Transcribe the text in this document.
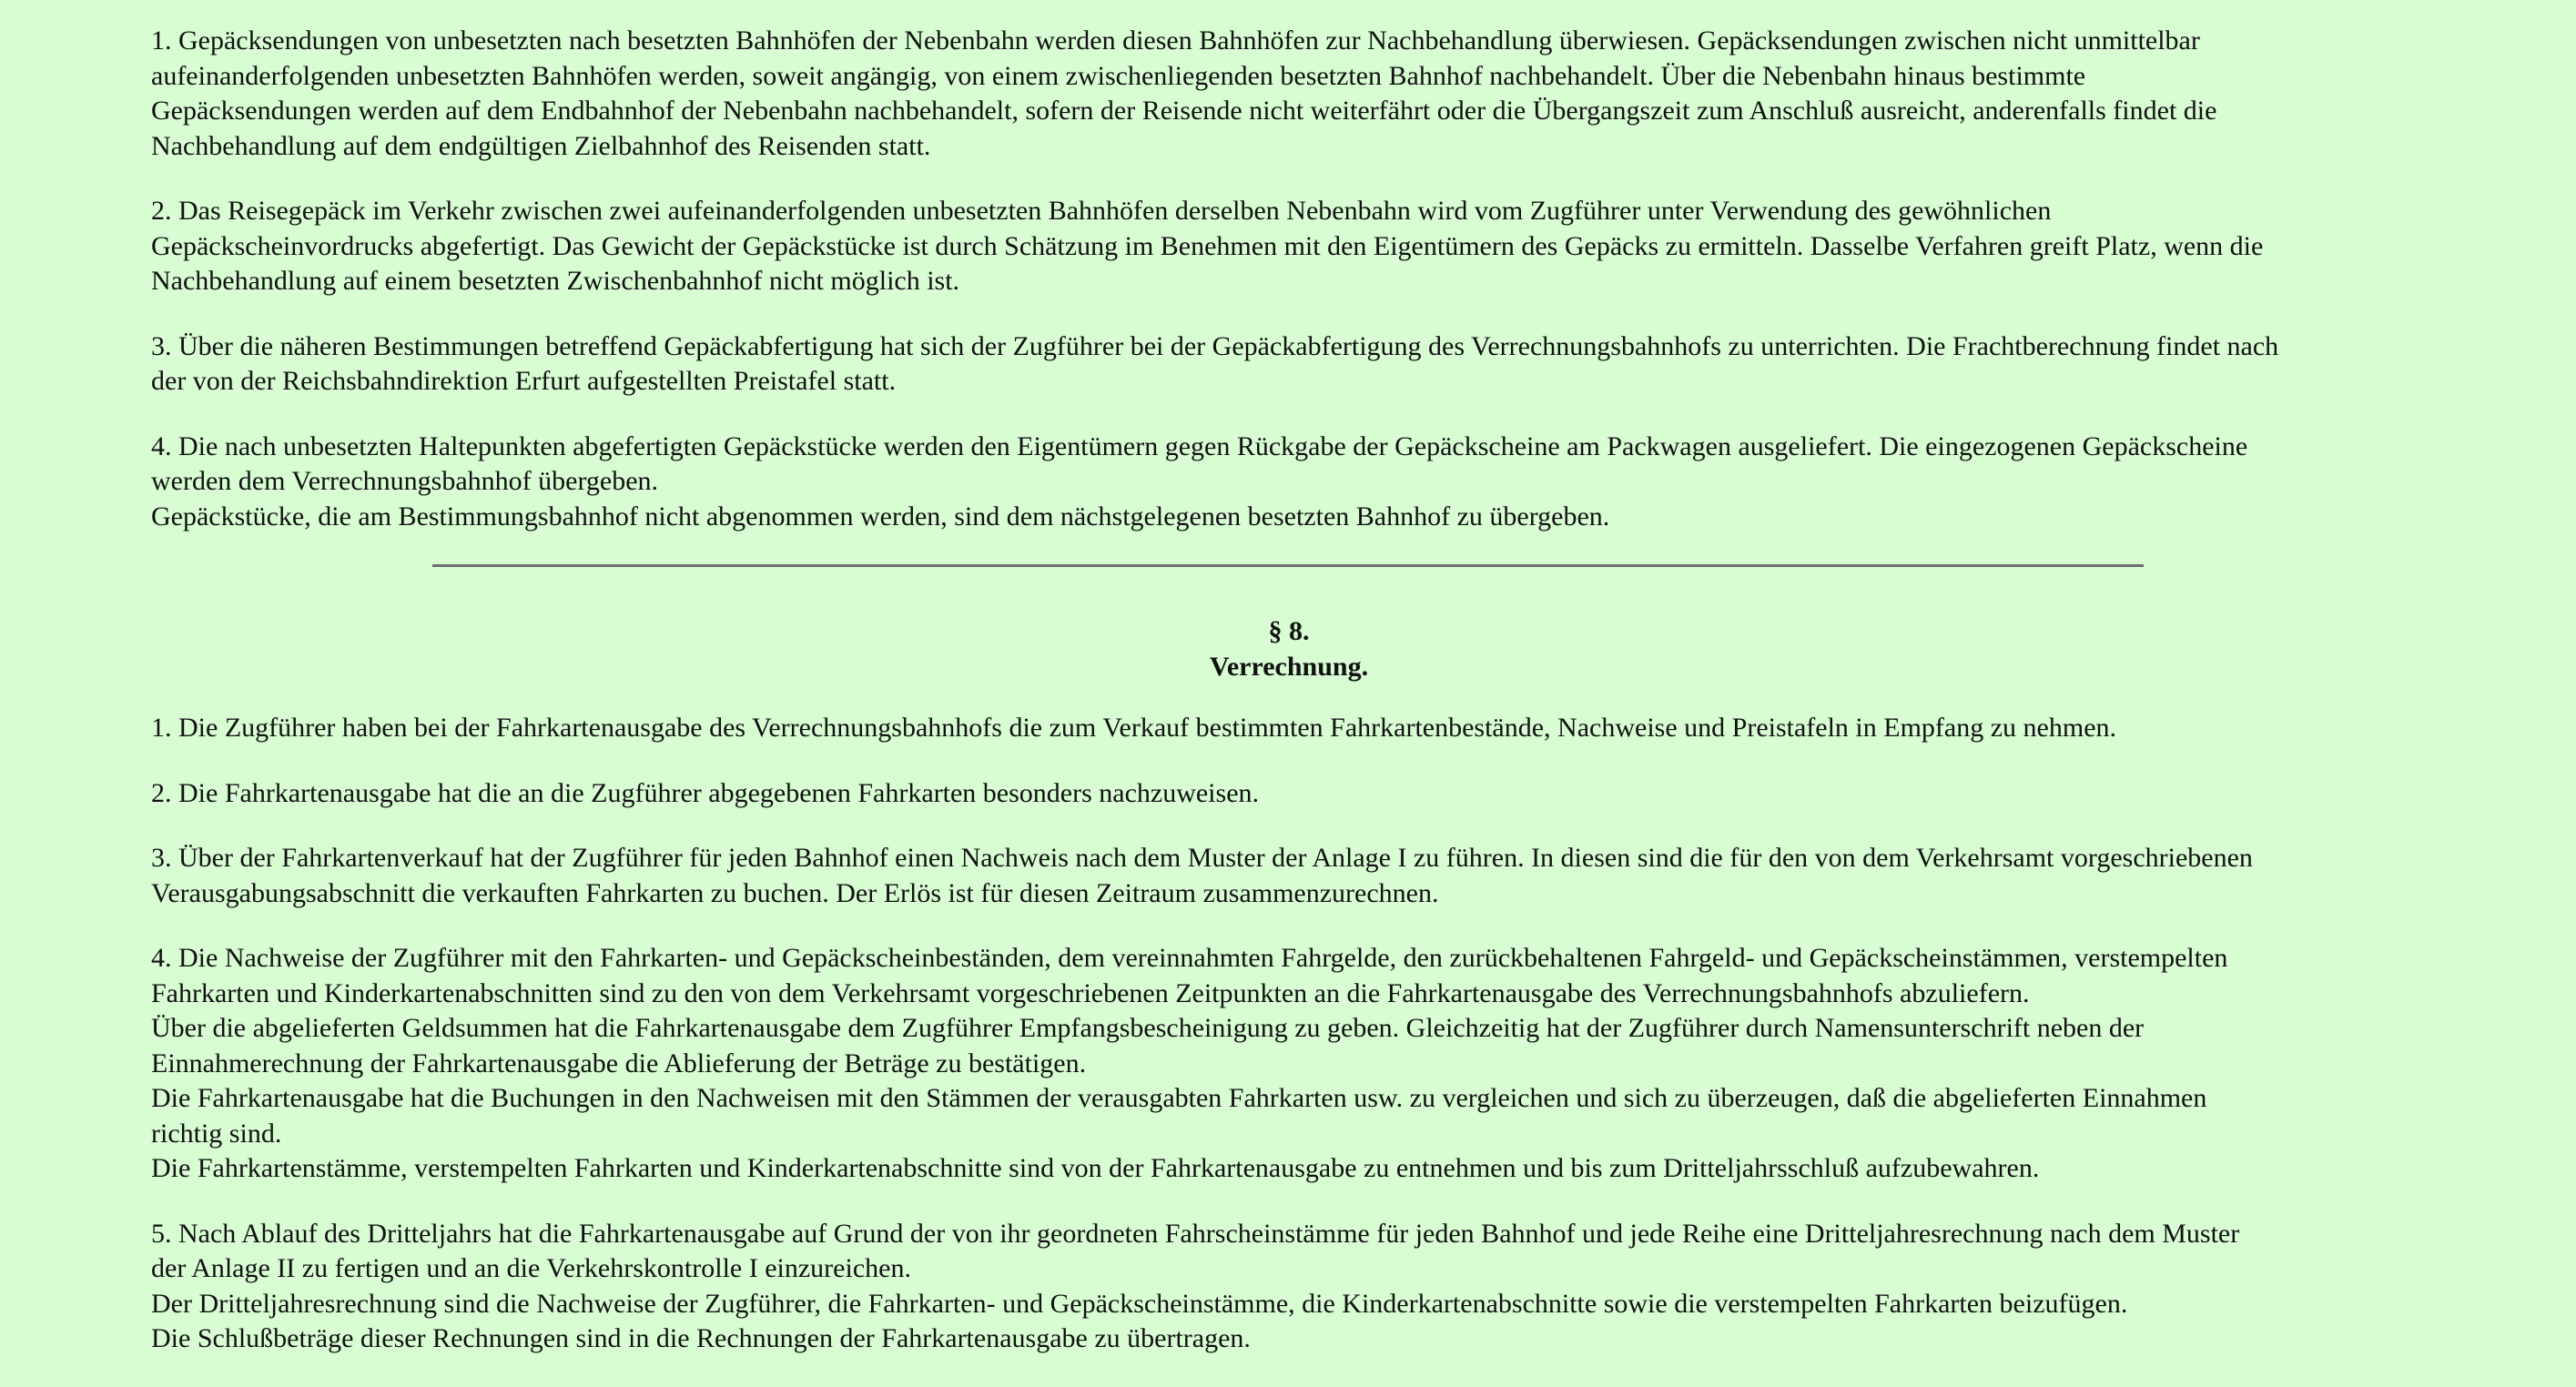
1. Gepäcksendungen von unbesetzten nach besetzten Bahnhöfen der Nebenbahn werden diesen Bahnhöfen zur Nachbehandlung überwiesen. Gepäcksendungen zwischen nicht unmittelbar
aufeinanderfolgenden unbesetzten Bahnhöfen werden, soweit angängig, von einem zwischenliegenden besetzten Bahnhof nachbehandelt. Über die Nebenbahn hinaus bestimmte
Gepäcksendungen werden auf dem Endbahnhof der Nebenbahn nachbehandelt, sofern der Reisende nicht weiterfährt oder die Übergangszeit zum Anschluß ausreicht, anderenfalls findet die
Nachbehandlung auf dem endgültigen Zielbahnhof des Reisenden statt.

2. Das Reisegepäck im Verkehr zwischen zwei aufeinanderfolgenden unbesetzten Bahnhöfen derselben Nebenbahn wird vom Zugführer unter Verwendung des gewöhnlichen
Gepäckscheinvordrucks abgefertigt. Das Gewicht der Gepäckstücke ist durch Schätzung im Benehmen mit den Eigentümern des Gepäcks zu ermitteln. Dasselbe Verfahren greift Platz, wenn die
Nachbehandlung auf einem besetzten Zwischenbahnhof nicht möglich ist.

3. Über die näheren Bestimmungen betreffend Gepäckabfertigung hat sich der Zugführer bei der Gepäckabfertigung des Verrechnungsbahnhofs zu unterrichten. Die Frachtberechnung findet nach
der von der Reichsbahndirektion Erfurt aufgestellten Preistafel statt.

4. Die nach unbesetzten Haltepunkten abgefertigten Gepäckstücke werden den Eigentümern gegen Rückgabe der Gepäckscheine am Packwagen ausgeliefert. Die eingezogenen Gepäckscheine
werden dem Verrechnungsbahnhof übergeben.
Gepäckstücke, die am Bestimmungsbahnhof nicht abgenommen werden, sind dem nächstgelegenen besetzten Bahnhof zu übergeben.

§ 8.
Verrechnung.

1. Die Zugführer haben bei der Fahrkartenausgabe des Verrechnungsbahnhofs die zum Verkauf bestimmten Fahrkartenbestände, Nachweise und Preistafeln in Empfang zu nehmen.

2. Die Fahrkartenausgabe hat die an die Zugführer abgegebenen Fahrkarten besonders nachzuweisen.

3. Über der Fahrkartenverkauf hat der Zugführer für jeden Bahnhof einen Nachweis nach dem Muster der Anlage I zu führen. In diesen sind die für den von dem Verkehrsamt vorgeschriebenen
Verausgabungsabschnitt die verkauften Fahrkarten zu buchen. Der Erlös ist für diesen Zeitraum zusammenzurechnen.

4. Die Nachweise der Zugführer mit den Fahrkarten- und Gepäckscheinbeständen, dem vereinnahmten Fahrgelde, den zurückbehaltenen Fahrgeld- und Gepäckscheinstämmen, verstempelten
Fahrkarten und Kinderkartenabschnitten sind zu den von dem Verkehrsamt vorgeschriebenen Zeitpunkten an die Fahrkartenausgabe des Verrechnungsbahnhofs abzuliefern.
Über die abgelieferten Geldsummen hat die Fahrkartenausgabe dem Zugführer Empfangsbescheinigung zu geben. Gleichzeitig hat der Zugführer durch Namensunterschrift neben der
Einnahmerechnung der Fahrkartenausgabe die Ablieferung der Beträge zu bestätigen.
Die Fahrkartenausgabe hat die Buchungen in den Nachweisen mit den Stämmen der verausgabten Fahrkarten usw. zu vergleichen und sich zu überzeugen, daß die abgelieferten Einnahmen
richtig sind.
Die Fahrkartenstämme, verstempelten Fahrkarten und Kinderkartenabschnitte sind von der Fahrkartenausgabe zu entnehmen und bis zum Dritteljahrsschluß aufzubewahren.

5. Nach Ablauf des Dritteljahrs hat die Fahrkartenausgabe auf Grund der von ihr geordneten Fahrscheinstämme für jeden Bahnhof und jede Reihe eine Dritteljahresrechnung nach dem Muster
der Anlage II zu fertigen und an die Verkehrskontrolle I einzureichen.
Der Dritteljahresrechnung sind die Nachweise der Zugführer, die Fahrkarten- und Gepäckscheinstämme, die Kinderkartenabschnitte sowie die verstempelten Fahrkarten beizufügen.
Die Schlußbeträge dieser Rechnungen sind in die Rechnungen der Fahrkartenausgabe zu übertragen.
